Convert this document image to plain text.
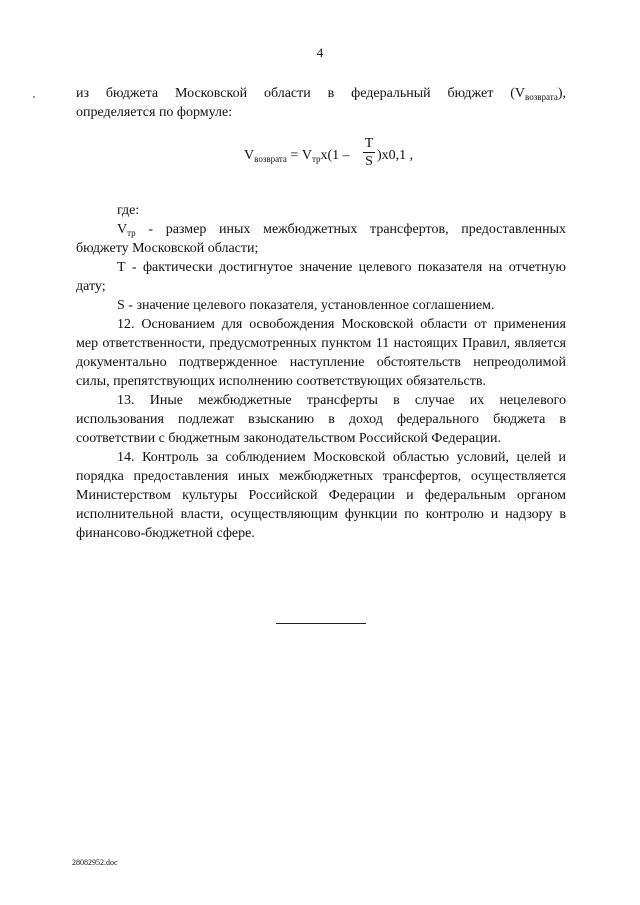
4

из бюджета Московской области в федеральный бюджет $(V_{возврата})$,

определяется по формуле:

$V_{возврата} = V_{тр}x(1$ –
T
S )x0,1 ,

где:

$V_{тр}$ - размер иных межбюджетных трансфертов, предоставленных бюджету Московской области;

Т - фактически достигнутое значение целевого показателя на отчетную дату;

S - значение целевого показателя, установленное соглашением.

12. Основанием для освобождения Московской области от применения мер ответственности, предусмотренных пунктом 11 настоящих Правил, является документально подтвержденное наступление обстоятельств непреодолимой силы, препятствующих исполнению соответствующих обязательств.

13. Иные межбюджетные трансферты в случае их нецелевого использования подлежат взысканию в доход федерального бюджета в соответствии с бюджетным законодательством Российской Федерации.

14. Контроль за соблюдением Московской областью условий, целей и порядка предоставления иных межбюджетных трансфертов, осуществляется Министерством культуры Российской Федерации и федеральным органом исполнительной власти, осуществляющим функции по контролю и надзору в финансово-бюджетной сфере.

28082952.doc
